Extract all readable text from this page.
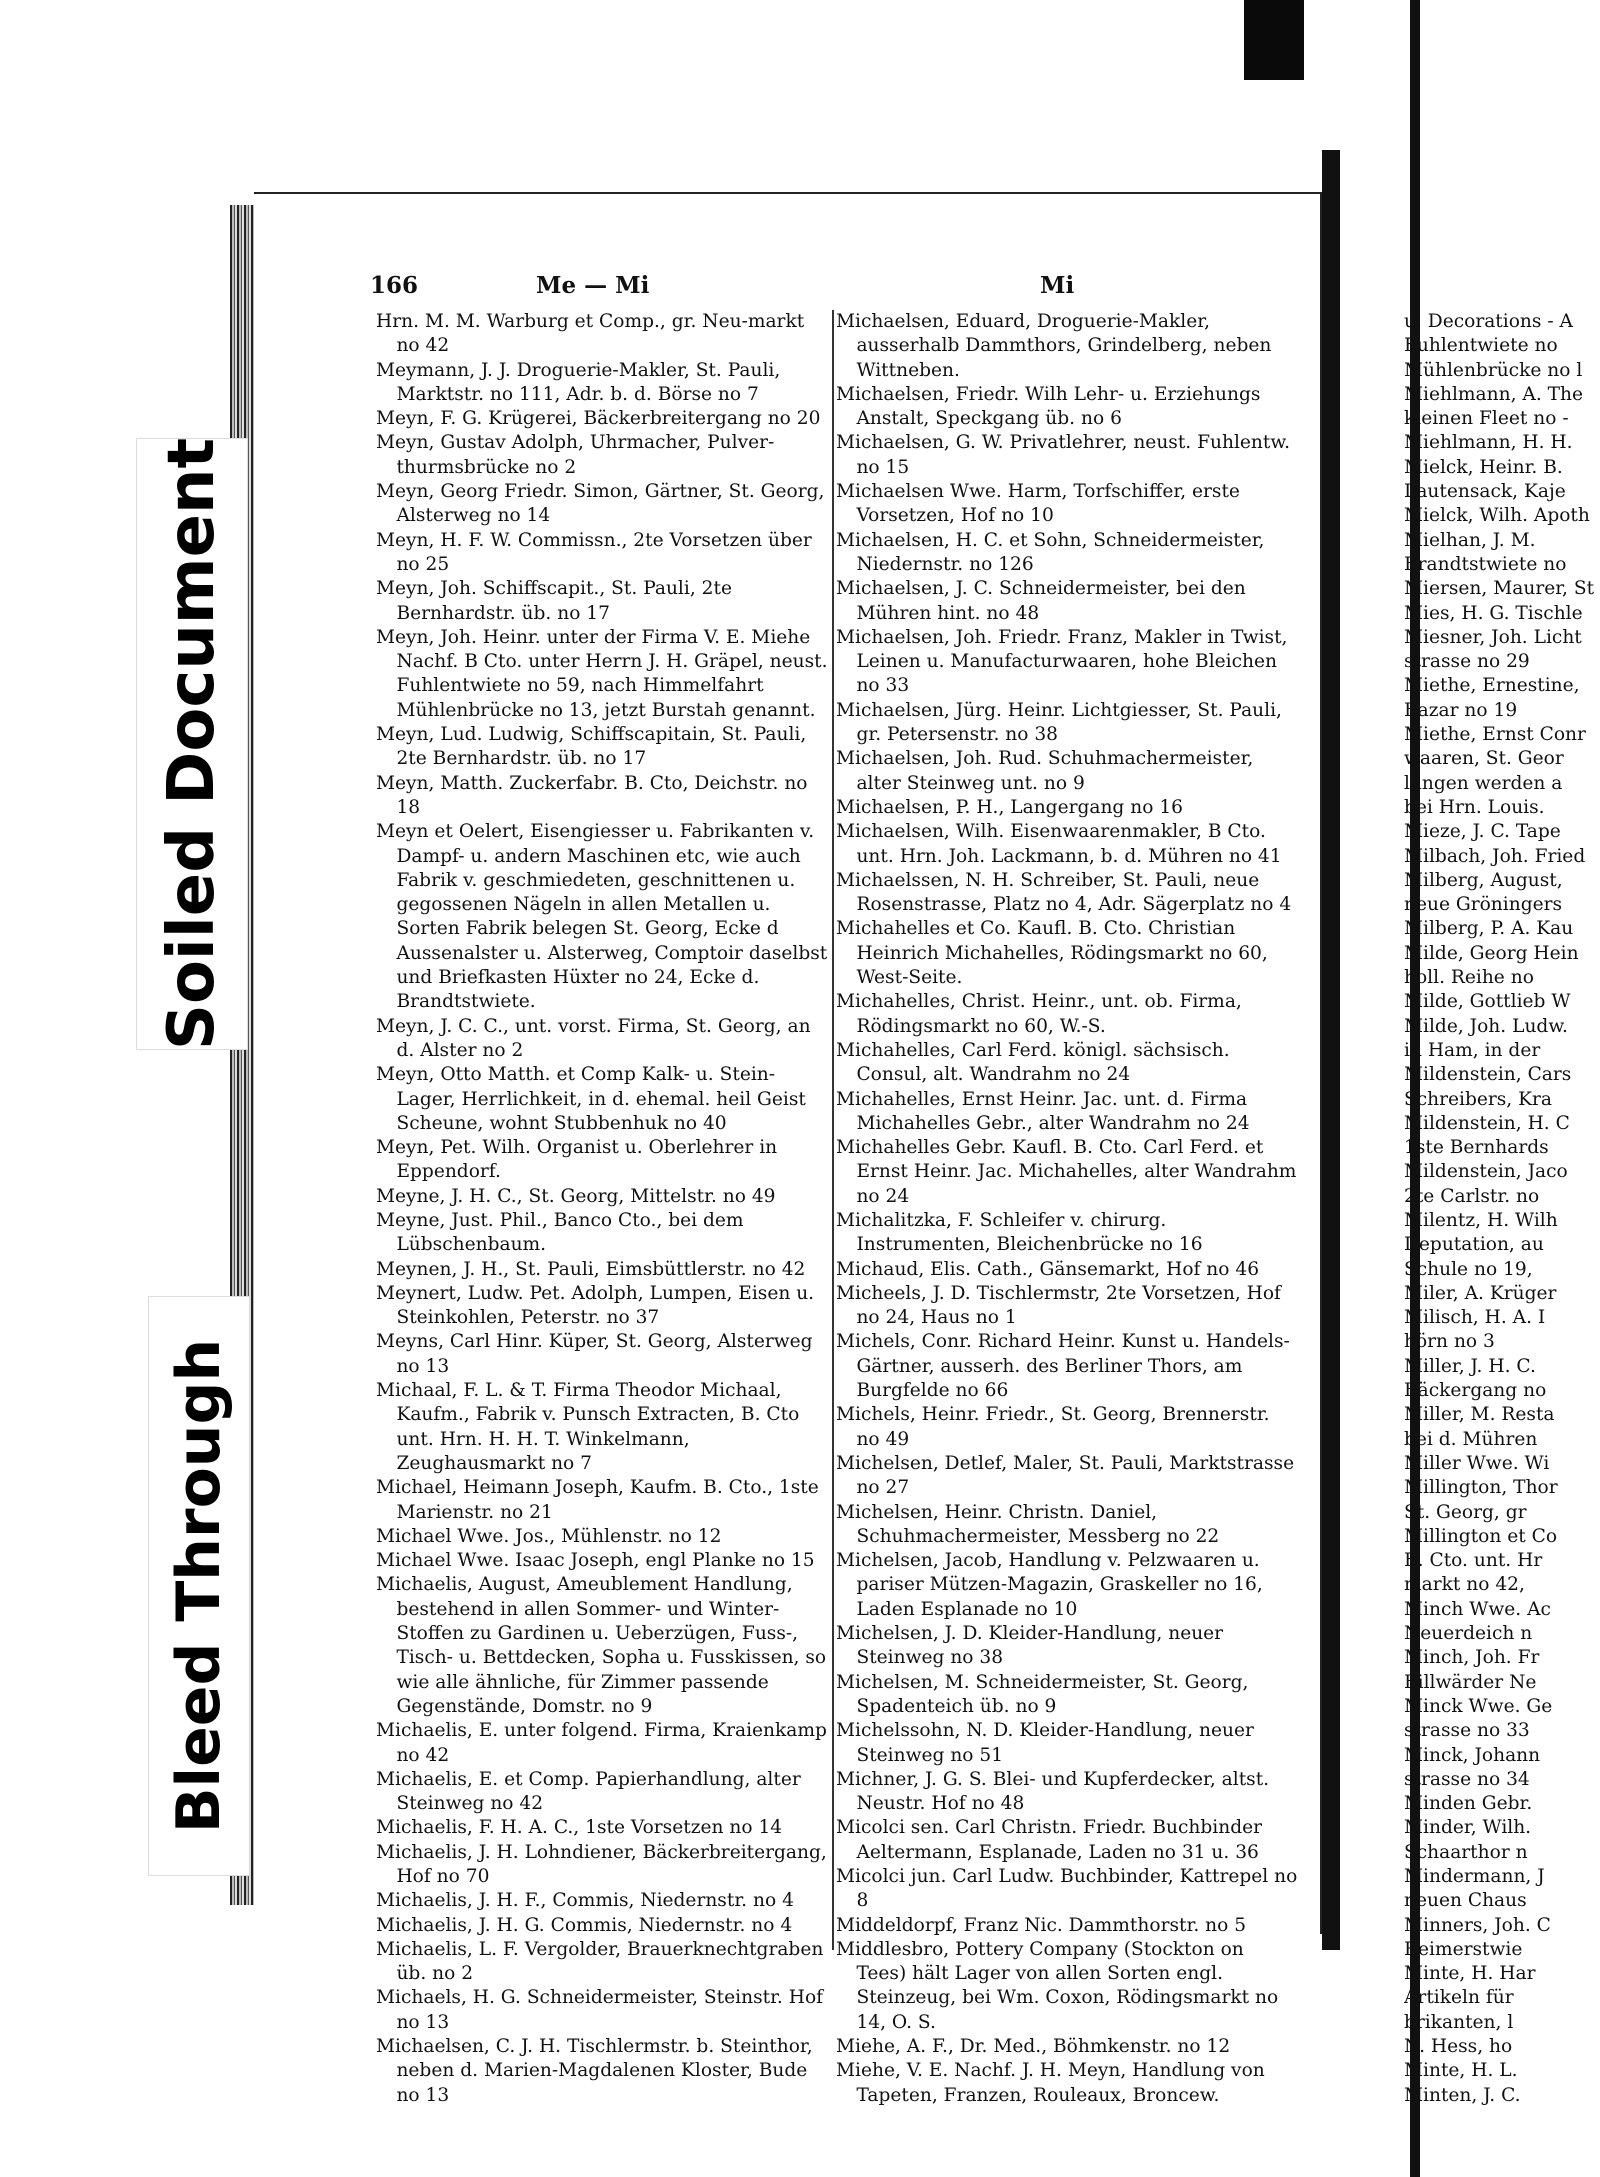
Soiled Document
Bleed Through
166	Me — Mi	Mi

Hrn. M. M. Warburg et Comp., gr. Neu-markt no 42

Meymann, J. J. Droguerie-Makler, St. Pauli, Marktstr. no 111, Adr. b. d. Börse no 7

Meyn, F. G. Krügerei, Bäckerbreitergang no 20

Meyn, Gustav Adolph, Uhrmacher, Pulver-thurmsbrücke no 2

Meyn, Georg Friedr. Simon, Gärtner, St. Georg, Alsterweg no 14

Meyn, H. F. W. Commissn., 2te Vorsetzen über no 25

Meyn, Joh. Schiffscapit., St. Pauli, 2te Bernhardstr. üb. no 17

Meyn, Joh. Heinr. unter der Firma V. E. Miehe Nachf. B Cto. unter Herrn J. H. Gräpel, neust. Fuhlentwiete no 59, nach Himmelfahrt Mühlenbrücke no 13, jetzt Burstah genannt.

Meyn, Lud. Ludwig, Schiffscapitain, St. Pauli, 2te Bernhardstr. üb. no 17

Meyn, Matth. Zuckerfabr. B. Cto, Deichstr. no 18

Meyn et Oelert, Eisengiesser u. Fabrikanten v. Dampf- u. andern Maschinen etc, wie auch Fabrik v. geschmiedeten, geschnittenen u. gegossenen Nägeln in allen Metallen u. Sorten Fabrik belegen St. Georg, Ecke d Aussenalster u. Alsterweg, Comptoir daselbst und Briefkasten Hüxter no 24, Ecke d. Brandtstwiete.

Meyn, J. C. C., unt. vorst. Firma, St. Georg, an d. Alster no 2

Meyn, Otto Matth. et Comp Kalk- u. Stein-Lager, Herrlichkeit, in d. ehemal. heil Geist Scheune, wohnt Stubbenhuk no 40

Meyn, Pet. Wilh. Organist u. Oberlehrer in Eppendorf.

Meyne, J. H. C., St. Georg, Mittelstr. no 49

Meyne, Just. Phil., Banco Cto., bei dem Lübschenbaum.

Meynen, J. H., St. Pauli, Eimsbüttlerstr. no 42

Meynert, Ludw. Pet. Adolph, Lumpen, Eisen u. Steinkohlen, Peterstr. no 37

Meyns, Carl Hinr. Küper, St. Georg, Alsterweg no 13

Michaal, F. L. & T. Firma Theodor Michaal, Kaufm., Fabrik v. Punsch Extracten, B. Cto unt. Hrn. H. H. T. Winkelmann, Zeughausmarkt no 7

Michael, Heimann Joseph, Kaufm. B. Cto., 1ste Marienstr. no 21

Michael Wwe. Jos., Mühlenstr. no 12

Michael Wwe. Isaac Joseph, engl Planke no 15

Michaelis, August, Ameublement Handlung, bestehend in allen Sommer- und Winter-Stoffen zu Gardinen u. Ueberzügen, Fuss-, Tisch- u. Bettdecken, Sopha u. Fusskissen, so wie alle ähnliche, für Zimmer passende Gegenstände, Domstr. no 9

Michaelis, E. unter folgend. Firma, Kraienkamp no 42

Michaelis, E. et Comp. Papierhandlung, alter Steinweg no 42

Michaelis, F. H. A. C., 1ste Vorsetzen no 14

Michaelis, J. H. Lohndiener, Bäckerbreitergang, Hof no 70

Michaelis, J. H. F., Commis, Niedernstr. no 4

Michaelis, J. H. G. Commis, Niedernstr. no 4

Michaelis, L. F. Vergolder, Brauerknechtgraben üb. no 2

Michaels, H. G. Schneidermeister, Steinstr. Hof no 13

Michaelsen, C. J. H. Tischlermstr. b. Steinthor, neben d. Marien-Magdalenen Kloster, Bude no 13

Michaelsen, Eduard, Droguerie-Makler, ausserhalb Dammthors, Grindelberg, neben Wittneben.

Michaelsen, Friedr. Wilh Lehr- u. Erziehungs Anstalt, Speckgang üb. no 6

Michaelsen, G. W. Privatlehrer, neust. Fuhlentw. no 15

Michaelsen Wwe. Harm, Torfschiffer, erste Vorsetzen, Hof no 10

Michaelsen, H. C. et Sohn, Schneidermeister, Niedernstr. no 126

Michaelsen, J. C. Schneidermeister, bei den Mühren hint. no 48

Michaelsen, Joh. Friedr. Franz, Makler in Twist, Leinen u. Manufacturwaaren, hohe Bleichen no 33

Michaelsen, Jürg. Heinr. Lichtgiesser, St. Pauli, gr. Petersenstr. no 38

Michaelsen, Joh. Rud. Schuhmachermeister, alter Steinweg unt. no 9

Michaelsen, P. H., Langergang no 16

Michaelsen, Wilh. Eisenwaarenmakler, B Cto. unt. Hrn. Joh. Lackmann, b. d. Mühren no 41

Michaelssen, N. H. Schreiber, St. Pauli, neue Rosenstrasse, Platz no 4, Adr. Sägerplatz no 4

Michahelles et Co. Kaufl. B. Cto. Christian Heinrich Michahelles, Rödingsmarkt no 60, West-Seite.

Michahelles, Christ. Heinr., unt. ob. Firma, Rödingsmarkt no 60, W.-S.

Michahelles, Carl Ferd. königl. sächsisch. Consul, alt. Wandrahm no 24

Michahelles, Ernst Heinr. Jac. unt. d. Firma Michahelles Gebr., alter Wandrahm no 24

Michahelles Gebr. Kaufl. B. Cto. Carl Ferd. et Ernst Heinr. Jac. Michahelles, alter Wandrahm no 24

Michalitzka, F. Schleifer v. chirurg. Instrumenten, Bleichenbrücke no 16

Michaud, Elis. Cath., Gänsemarkt, Hof no 46

Micheels, J. D. Tischlermstr, 2te Vorsetzen, Hof no 24, Haus no 1

Michels, Conr. Richard Heinr. Kunst u. Handels-Gärtner, ausserh. des Berliner Thors, am Burgfelde no 66

Michels, Heinr. Friedr., St. Georg, Brennerstr. no 49

Michelsen, Detlef, Maler, St. Pauli, Marktstrasse no 27

Michelsen, Heinr. Christn. Daniel, Schuhmachermeister, Messberg no 22

Michelsen, Jacob, Handlung v. Pelzwaaren u. pariser Mützen-Magazin, Graskeller no 16, Laden Esplanade no 10

Michelsen, J. D. Kleider-Handlung, neuer Steinweg no 38

Michelsen, M. Schneidermeister, St. Georg, Spadenteich üb. no 9

Michelssohn, N. D. Kleider-Handlung, neuer Steinweg no 51

Michner, J. G. S. Blei- und Kupferdecker, altst. Neustr. Hof no 48

Micolci sen. Carl Christn. Friedr. Buchbinder Aeltermann, Esplanade, Laden no 31 u. 36

Micolci jun. Carl Ludw. Buchbinder, Kattrepel no 8

Middeldorpf, Franz Nic. Dammthorstr. no 5

Middlesbro, Pottery Company (Stockton on Tees) hält Lager von allen Sorten engl. Steinzeug, bei Wm. Coxon, Rödingsmarkt no 14, O. S.

Miehe, A. F., Dr. Med., Böhmkenstr. no 12

Miehe, V. E. Nachf. J. H. Meyn, Handlung von Tapeten, Franzen, Rouleaux, Broncew.

u. Decorations - A

Fuhlentwiete no

Mühlenbrücke no l

Miehlmann, A. The

kleinen Fleet no -

Miehlmann, H. H.

Mielck, Heinr. B.

Lautensack, Kaje

Mielck, Wilh. Apoth

Mielhan, J. M.

Brandtstwiete no

Miersen, Maurer, St

Mies, H. G. Tischle

Miesner, Joh. Licht

strasse no 29

Miethe, Ernestine,

Bazar no 19

Miethe, Ernst Conr

waaren, St. Geor

lungen werden a

bei Hrn. Louis.

Mieze, J. C. Tape

Milbach, Joh. Fried

Milberg, August,

neue Gröningers

Milberg, P. A. Kau

Milde, Georg Hein

holl. Reihe no

Milde, Gottlieb W

Milde, Joh. Ludw.

in Ham, in der

Mildenstein, Cars

Schreibers, Kra

Mildenstein, H. C

1ste Bernhards

Mildenstein, Jaco

2te Carlstr. no

Milentz, H. Wilh

Deputation, au

Schule no 19,

Miler, A. Krüger

Milisch, H. A. I

hörn no 3

Miller, J. H. C.

Bäckergang no

Miller, M. Resta

bei d. Mühren

Miller Wwe. Wi

Millington, Thor

St. Georg, gr

Millington et Co

B. Cto. unt. Hr

markt no 42,

Minch Wwe. Ac

Neuerdeich n

Minch, Joh. Fr

Billwärder Ne

Minck Wwe. Ge

strasse no 33

Minck, Johann

strasse no 34

Minden Gebr.

Minder, Wilh.

Schaarthor n

Mindermann, J

neuen Chaus

Minners, Joh. C

Reimerstwie

Minte, H. Har

Artikeln für

brikanten, l

N. Hess, ho

Minte, H. L.

Minten, J. C.
